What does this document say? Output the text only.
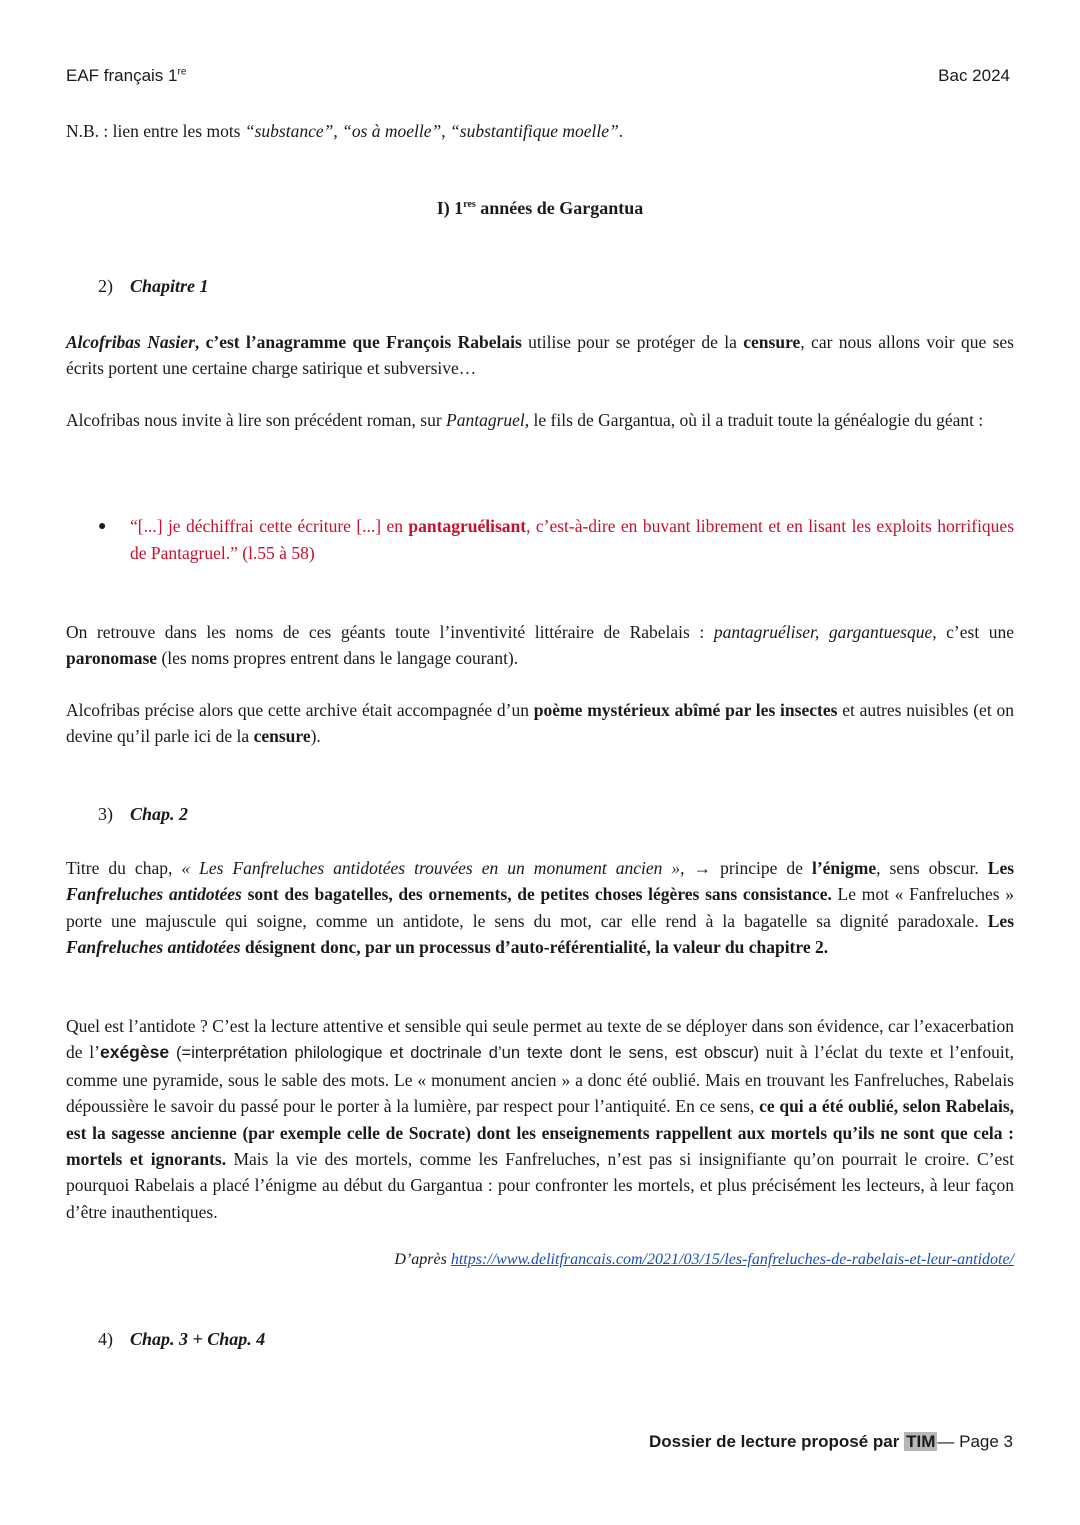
EAF français 1re	Bac 2024
N.B. : lien entre les mots “substance”, “os à moelle”, “substantifique moelle”.
I) 1res années de Gargantua
2) Chapitre 1
Alcofribas Nasier, c’est l’anagramme que François Rabelais utilise pour se protéger de la censure, car nous allons voir que ses écrits portent une certaine charge satirique et subversive…
Alcofribas nous invite à lire son précédent roman, sur Pantagruel, le fils de Gargantua, où il a traduit toute la généalogie du géant :
● “[...] je déchiffrai cette écriture [...] en pantagruélisant, c’est-à-dire en buvant librement et en lisant les exploits horrifiques de Pantagruel.” (l.55 à 58)
On retrouve dans les noms de ces géants toute l’inventivité littéraire de Rabelais : pantagruéliser, gargantuesque, c’est une paronomase (les noms propres entrent dans le langage courant).
Alcofribas précise alors que cette archive était accompagnée d’un poème mystérieux abîmé par les insectes et autres nuisibles (et on devine qu’il parle ici de la censure).
3) Chap. 2
Titre du chap, « Les Fanfreluches antidotées trouvées en un monument ancien », → principe de l’énigme, sens obscur. Les Fanfreluches antidotées sont des bagatelles, des ornements, de petites choses légères sans consistance. Le mot « Fanfreluches » porte une majuscule qui soigne, comme un antidote, le sens du mot, car elle rend à la bagatelle sa dignité paradoxale. Les Fanfreluches antidotées désignent donc, par un processus d’auto-référentialité, la valeur du chapitre 2.
Quel est l’antidote ? C’est la lecture attentive et sensible qui seule permet au texte de se déployer dans son évidence, car l’exacerbation de l’exégèse (=interprétation philologique et doctrinale d’un texte dont le sens, est obscur) nuit à l’éclat du texte et l’enfouit, comme une pyramide, sous le sable des mots. Le « monument ancien » a donc été oublié. Mais en trouvant les Fanfreluches, Rabelais dépoussière le savoir du passé pour le porter à la lumière, par respect pour l’antiquité. En ce sens, ce qui a été oublié, selon Rabelais, est la sagesse ancienne (par exemple celle de Socrate) dont les enseignements rappellent aux mortels qu’ils ne sont que cela : mortels et ignorants. Mais la vie des mortels, comme les Fanfreluches, n’est pas si insignifiante qu’on pourrait le croire. C’est pourquoi Rabelais a placé l’énigme au début du Gargantua : pour confronter les mortels, et plus précisément les lecteurs, à leur façon d’être inauthentiques.
D’après https://www.delitfrancais.com/2021/03/15/les-fanfreluches-de-rabelais-et-leur-antidote/
4) Chap. 3 + Chap. 4
Dossier de lecture proposé par TIM — Page 3
